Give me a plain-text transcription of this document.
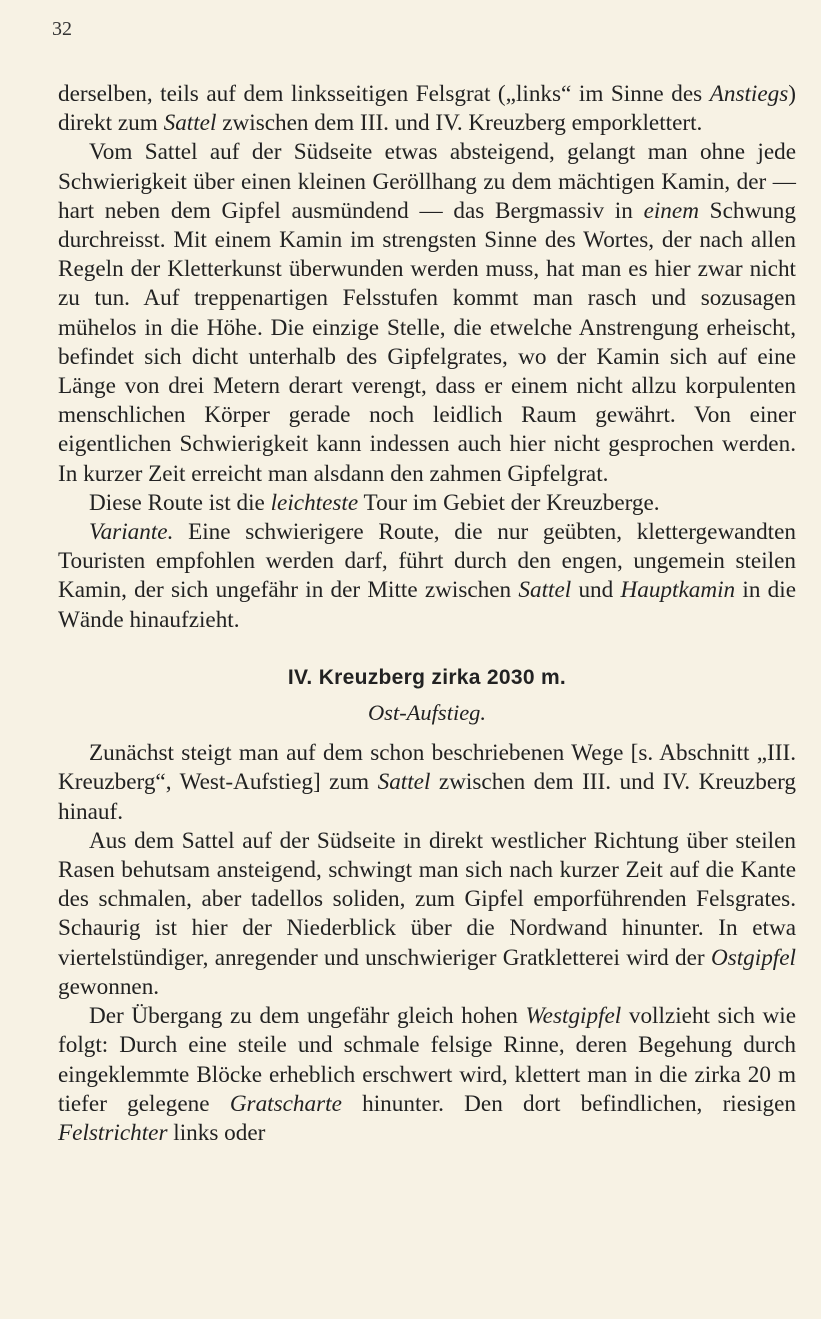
32

derselben, teils auf dem linksseitigen Felsgrat („links“ im Sinne des Anstiegs) direkt zum Sattel zwischen dem III. und IV. Kreuzberg emporklettert.

Vom Sattel auf der Südseite etwas absteigend, gelangt man ohne jede Schwierigkeit über einen kleinen Geröllhang zu dem mächtigen Kamin, der — hart neben dem Gipfel ausmündend — das Bergmassiv in einem Schwung durchreisst. Mit einem Kamin im strengsten Sinne des Wortes, der nach allen Regeln der Kletterkunst überwunden werden muss, hat man es hier zwar nicht zu tun. Auf treppenartigen Felsstufen kommt man rasch und sozusagen mühelos in die Höhe. Die einzige Stelle, die etwelche Anstrengung erheischt, befindet sich dicht unterhalb des Gipfelgrates, wo der Kamin sich auf eine Länge von drei Metern derart verengt, dass er einem nicht allzu korpulenten menschlichen Körper gerade noch leidlich Raum gewährt. Von einer eigentlichen Schwierigkeit kann indessen auch hier nicht gesprochen werden. In kurzer Zeit erreicht man alsdann den zahmen Gipfelgrat.

Diese Route ist die leichteste Tour im Gebiet der Kreuzberge.

Variante. Eine schwierigere Route, die nur geübten, klettergewandten Touristen empfohlen werden darf, führt durch den engen, ungemein steilen Kamin, der sich ungefähr in der Mitte zwischen Sattel und Hauptkamin in die Wände hinaufzieht.

IV. Kreuzberg zirka 2030 m.
Ost-Aufstieg.

Zunächst steigt man auf dem schon beschriebenen Wege [s. Abschnitt „III. Kreuzberg“, West-Aufstieg] zum Sattel zwischen dem III. und IV. Kreuzberg hinauf.

Aus dem Sattel auf der Südseite in direkt westlicher Richtung über steilen Rasen behutsam ansteigend, schwingt man sich nach kurzer Zeit auf die Kante des schmalen, aber tadellos soliden, zum Gipfel emporführenden Felsgrates. Schaurig ist hier der Niederblick über die Nordwand hinunter. In etwa viertelstündiger, anregender und unschwieriger Gratkletterei wird der Ostgipfel gewonnen.

Der Übergang zu dem ungefähr gleich hohen Westgipfel vollzieht sich wie folgt: Durch eine steile und schmale felsige Rinne, deren Begehung durch eingeklemmte Blöcke erheblich erschwert wird, klettert man in die zirka 20 m tiefer gelegene Gratscharte hinunter. Den dort befindlichen, riesigen Felstrichter links oder
